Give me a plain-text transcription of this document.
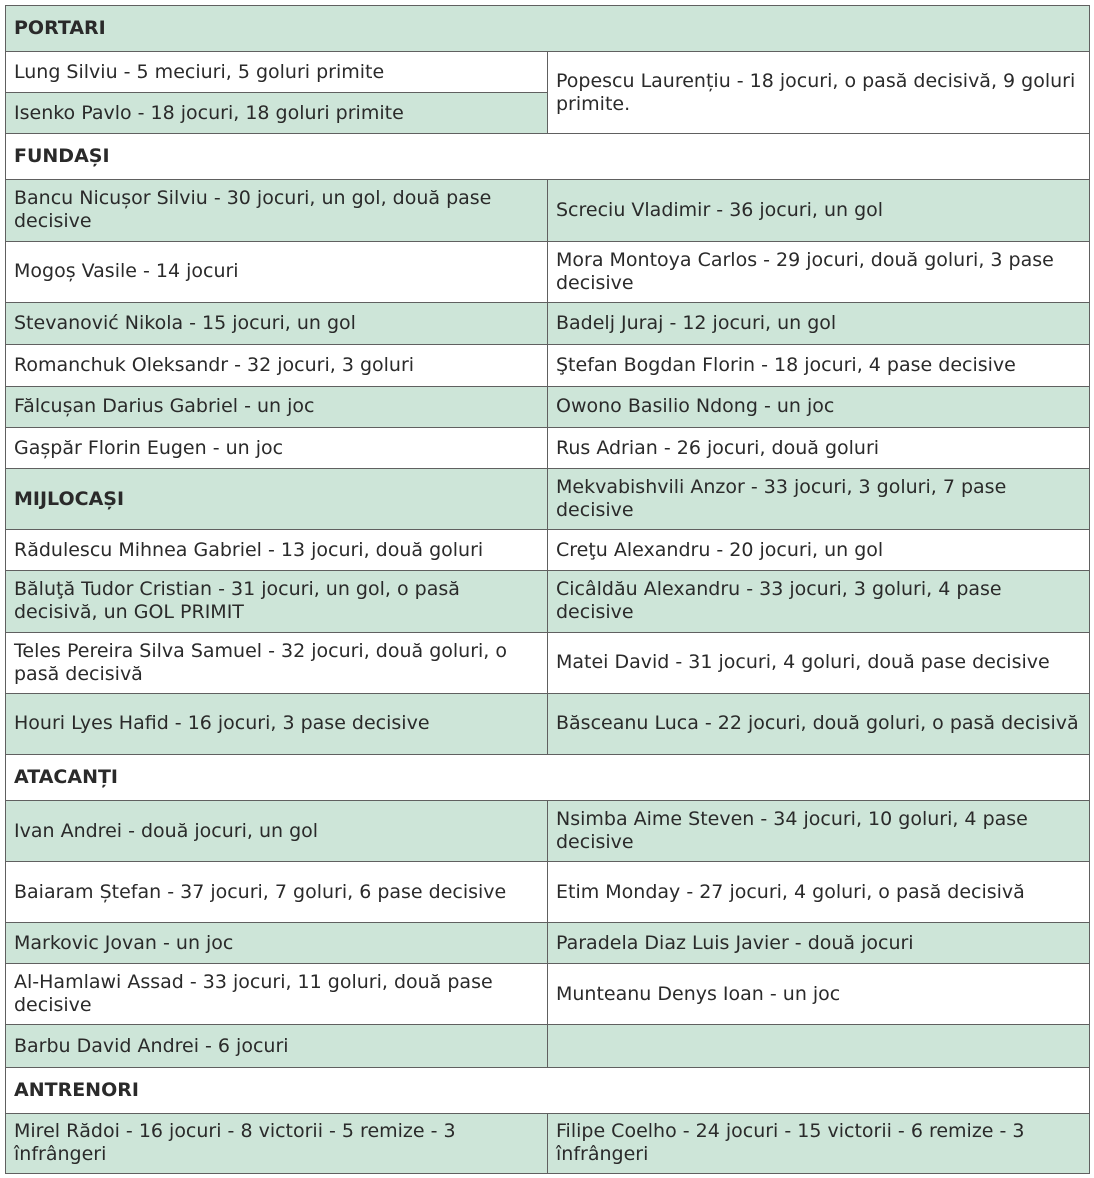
PORTARI	
Lung Silviu - 5 meciuri, 5 goluri primite	Popescu Laurențiu - 18 jocuri, o pasă decisivă, 9 goluri primite.
Isenko Pavlo - 18 jocuri, 18 goluri primite	
FUNDAȘI	
Bancu Nicușor Silviu - 30 jocuri, un gol, două pase decisive	Screciu Vladimir - 36 jocuri, un gol
Mogoș Vasile - 14 jocuri	Mora Montoya Carlos - 29 jocuri, două goluri, 3 pase decisive
Stevanović Nikola - 15 jocuri, un gol	Badelj Juraj - 12 jocuri, un gol
Romanchuk Oleksandr - 32 jocuri, 3 goluri	Ştefan Bogdan Florin - 18 jocuri, 4 pase decisive
Fălcușan Darius Gabriel - un joc	Owono Basilio Ndong - un joc
Gașpăr Florin Eugen - un joc	Rus Adrian - 26 jocuri, două goluri
MIJLOCAȘI	Mekvabishvili Anzor - 33 jocuri, 3 goluri, 7 pase decisive
Rădulescu Mihnea Gabriel - 13 jocuri, două goluri	Creţu Alexandru - 20 jocuri, un gol
Băluţă Tudor Cristian - 31 jocuri, un gol, o pasă decisivă, un GOL PRIMIT	Cicâldău Alexandru - 33 jocuri, 3 goluri, 4 pase decisive
Teles Pereira Silva Samuel - 32 jocuri, două goluri, o pasă decisivă	Matei David - 31 jocuri, 4 goluri, două pase decisive
Houri Lyes Hafid - 16 jocuri, 3 pase decisive	Băsceanu Luca - 22 jocuri, două goluri, o pasă decisivă
ATACANȚI	
Ivan Andrei - două jocuri, un gol	Nsimba Aime Steven - 34 jocuri, 10 goluri, 4 pase decisive
Baiaram Ștefan - 37 jocuri, 7 goluri, 6 pase decisive	Etim Monday - 27 jocuri, 4 goluri, o pasă decisivă
Markovic Jovan - un joc	Paradela Diaz Luis Javier - două jocuri
Al-Hamlawi Assad - 33 jocuri, 11 goluri, două pase decisive	Munteanu Denys Ioan - un joc
Barbu David Andrei - 6 jocuri	
ANTRENORI	
Mirel Rădoi - 16 jocuri - 8 victorii - 5 remize - 3 înfrângeri	Filipe Coelho - 24 jocuri - 15 victorii - 6 remize - 3 înfrângeri
